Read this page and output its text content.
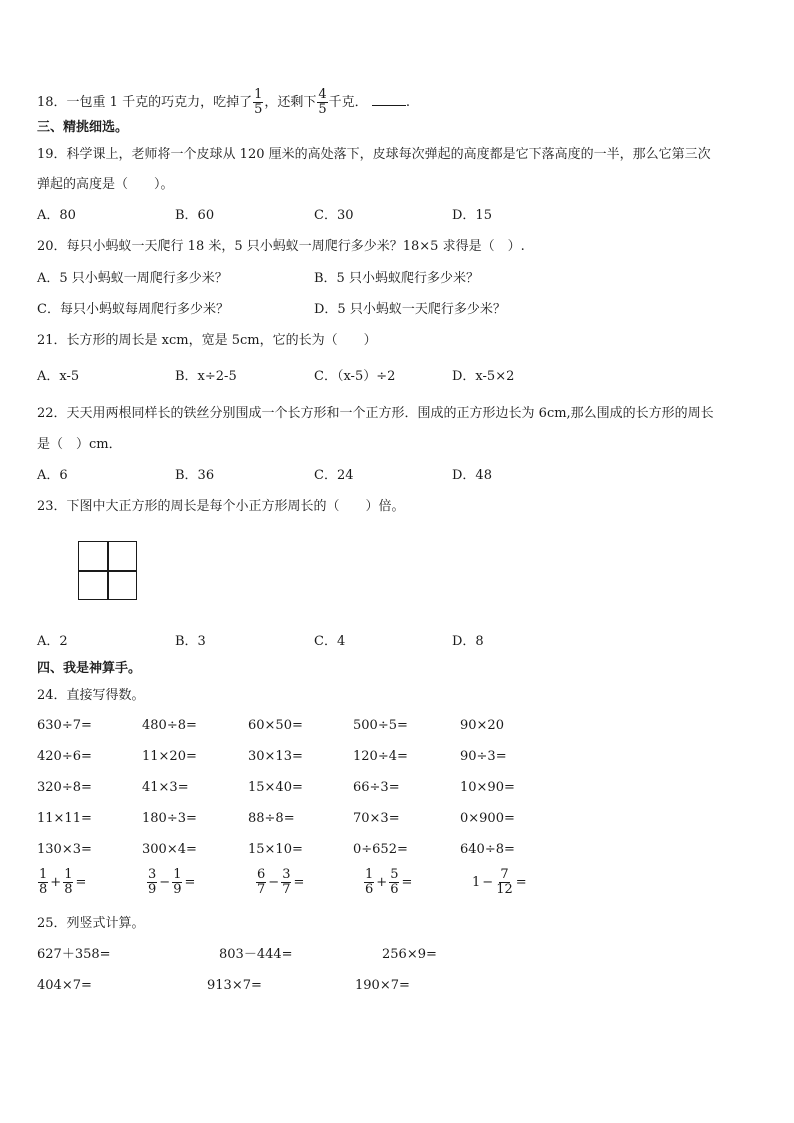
18．一包重 1 千克的巧克力，吃掉了 $\frac{1}{5}$ ，还剩下 $\frac{4}{5}$ 千克．	.
三、精挑细选。
19．科学课上，老师将一个皮球从 120 厘米的高处落下，皮球每次弹起的高度都是它下落高度的一半，那么它第三次
弹起的高度是（　　）。
A．80	B．60	C．30	D．15
20．每只小蚂蚁一天爬行 18 米，5 只小蚂蚁一周爬行多少米？18×5 求得是（　）.
A．5 只小蚂蚁一周爬行多少米？	B．5 只小蚂蚁爬行多少米？
C．每只小蚂蚁每周爬行多少米？	D．5 只小蚂蚁一天爬行多少米？
21．长方形的周长是 xcm，宽是 5cm，它的长为（　　）
A．x-5	B．x÷2-5	C．（x-5）÷2	D．x-5×2
22．天天用两根同样长的铁丝分别围成一个长方形和一个正方形．围成的正方形边长为 6cm,那么围成的长方形的周长
是（　）cm．
A．6	B．36	C．24	D．48
23．下图中大正方形的周长是每个小正方形周长的（　　）倍。
A．2	B．3	C．4	D．8
四、我是神算手。
24．直接写得数。
630÷7=	480÷8=	60×50=	500÷5=	90×20
420÷6=	11×20=	30×13=	120÷4=	90÷3=
320÷8=	41×3=	15×40=	66÷3=	10×90=
11×11=	180÷3=	88÷8=	70×3=	0×900=
130×3=	300×4=	15×10=	0÷652=	640÷8=
$\frac{1}{8} + \frac{1}{8}$ =	$\frac{3}{9} - \frac{1}{9}$ =	$\frac{6}{7} - \frac{3}{7}$ =	$\frac{1}{6} + \frac{5}{6}$ =	$1 - \frac{7}{12}$ =
25．列竖式计算。
627＋358=	803－444=	256×9=
404×7=	913×7=	190×7=
